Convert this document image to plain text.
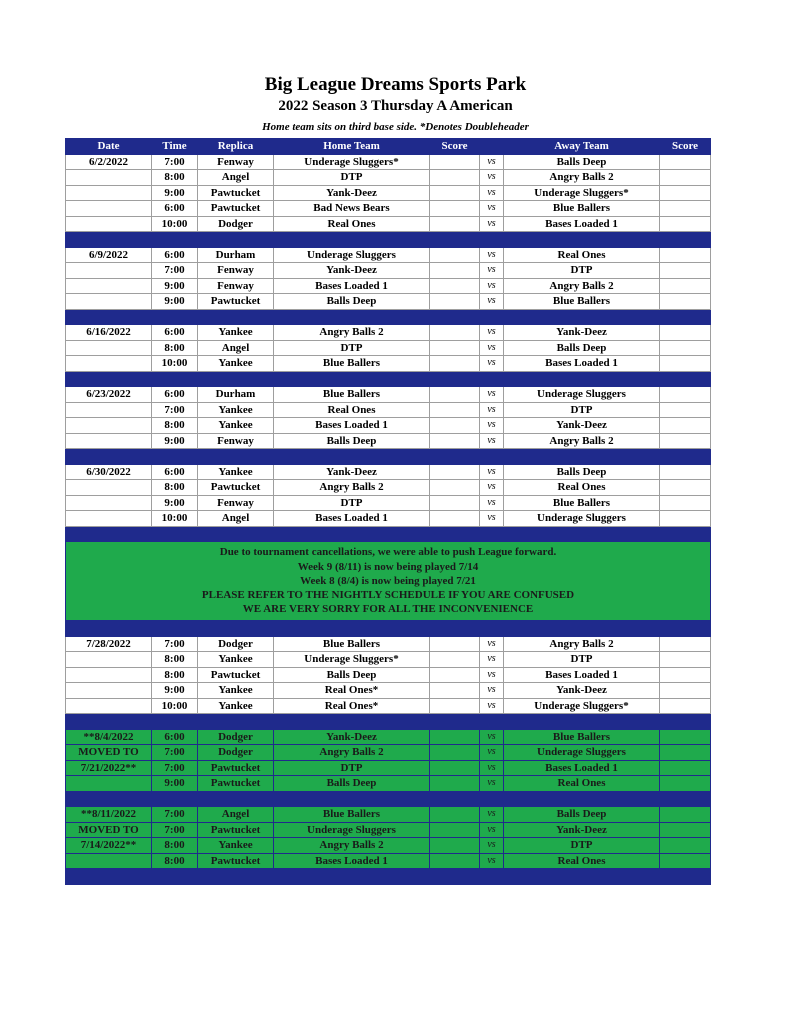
Big League Dreams Sports Park
2022 Season 3 Thursday A American
Home team sits on third base side. *Denotes Doubleheader
Date	Time	Replica	Home Team	Score		Away Team	Score
6/2/2022	7:00	Fenway	Underage Sluggers*		vs	Balls Deep	
	8:00	Angel	DTP		vs	Angry Balls 2	
	9:00	Pawtucket	Yank-Deez		vs	Underage Sluggers*	
	6:00	Pawtucket	Bad News Bears		vs	Blue Ballers	
	10:00	Dodger	Real Ones		vs	Bases Loaded 1	

6/9/2022	6:00	Durham	Underage Sluggers		vs	Real Ones	
	7:00	Fenway	Yank-Deez		vs	DTP	
	9:00	Fenway	Bases Loaded 1		vs	Angry Balls 2	
	9:00	Pawtucket	Balls Deep		vs	Blue Ballers	

6/16/2022	6:00	Yankee	Angry Balls 2		vs	Yank-Deez	
	8:00	Angel	DTP		vs	Balls Deep	
	10:00	Yankee	Blue Ballers		vs	Bases Loaded 1	

6/23/2022	6:00	Durham	Blue Ballers		vs	Underage Sluggers	
	7:00	Yankee	Real Ones		vs	DTP	
	8:00	Yankee	Bases Loaded 1		vs	Yank-Deez	
	9:00	Fenway	Balls Deep		vs	Angry Balls 2	

6/30/2022	6:00	Yankee	Yank-Deez		vs	Balls Deep	
	8:00	Pawtucket	Angry Balls 2		vs	Real Ones	
	9:00	Fenway	DTP		vs	Blue Ballers	
	10:00	Angel	Bases Loaded 1		vs	Underage Sluggers	

Due to tournament cancellations, we were able to push League forward.
Week 9 (8/11) is now being played 7/14
Week 8 (8/4) is now being played 7/21
PLEASE REFER TO THE NIGHTLY SCHEDULE IF YOU ARE CONFUSED
WE ARE VERY SORRY FOR ALL THE INCONVENIENCE							

7/28/2022	7:00	Dodger	Blue Ballers		vs	Angry Balls 2	
	8:00	Yankee	Underage Sluggers*		vs	DTP	
	8:00	Pawtucket	Balls Deep		vs	Bases Loaded 1	
	9:00	Yankee	Real Ones*		vs	Yank-Deez	
	10:00	Yankee	Real Ones*		vs	Underage Sluggers*	

**8/4/2022	6:00	Dodger	Yank-Deez		vs	Blue Ballers	
MOVED TO	7:00	Dodger	Angry Balls 2		vs	Underage Sluggers	
7/21/2022**	7:00	Pawtucket	DTP		vs	Bases Loaded 1	
	9:00	Pawtucket	Balls Deep		vs	Real Ones	

**8/11/2022	7:00	Angel	Blue Ballers		vs	Balls Deep	
MOVED TO	7:00	Pawtucket	Underage Sluggers		vs	Yank-Deez	
7/14/2022**	8:00	Yankee	Angry Balls 2		vs	DTP	
	8:00	Pawtucket	Bases Loaded 1		vs	Real Ones	
